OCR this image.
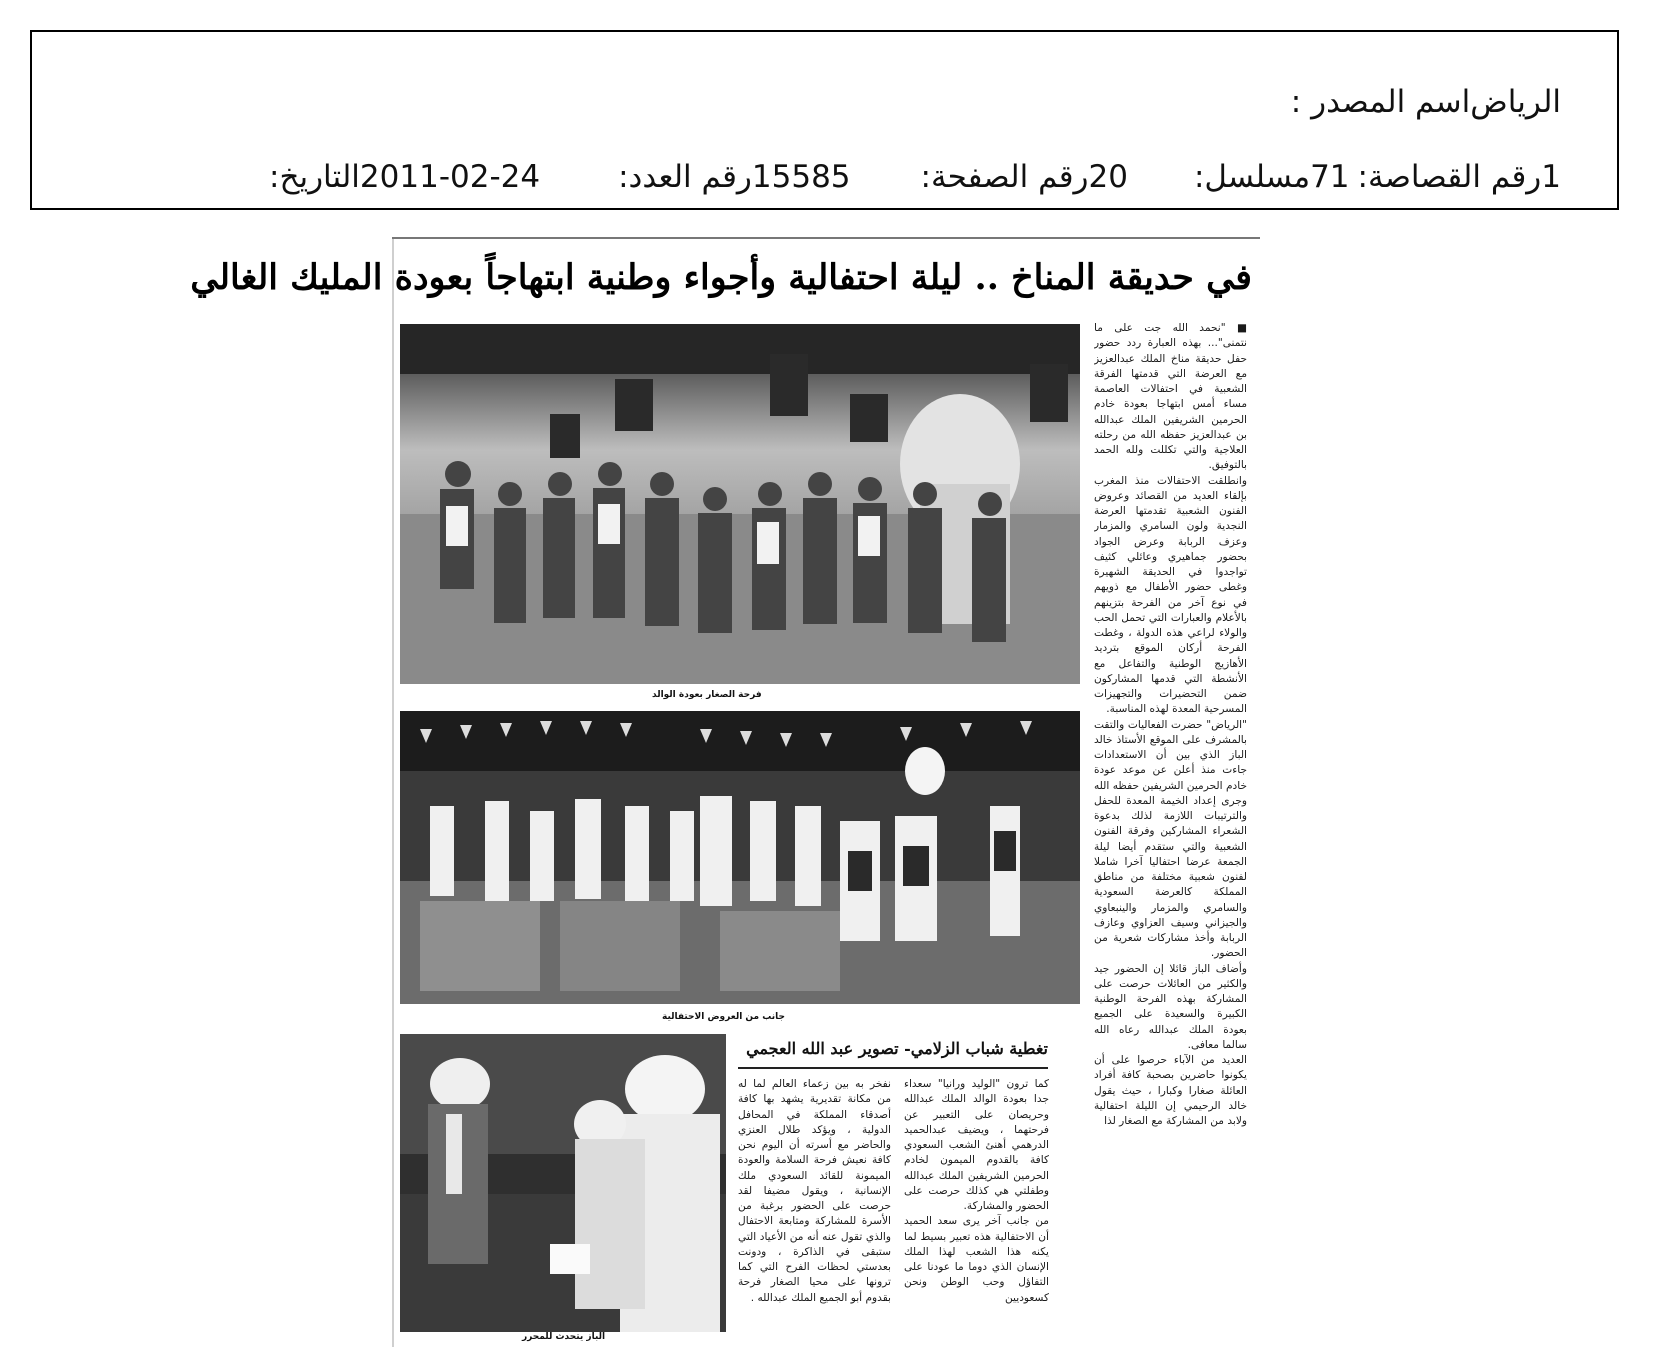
اسم المصدر : الرياض
التاريخ: 2011-02-24	رقم العدد: 15585 رقم الصفحة: 20 مسلسل: 71 رقم القصاصة: 1
في حديقة المناخ .. ليلة احتفالية وأجواء وطنية ابتهاجاً بعودة المليك الغالي
فرحة الصغار بعودة الوالد
جانب من العروض الاحتفالية
الباز يتحدث للمحرر

■ "نحمد الله جت على ما نتمنى"... بهذه العبارة ردد حضور حفل حديقة مناخ الملك عبدالعزيز مع العرضة التي قدمتها الفرقة الشعبية في احتفالات العاصمة مساء أمس ابتهاجا بعودة خادم الحرمين الشريفين الملك عبدالله بن عبدالعزيز حفظه الله من رحلته العلاجية والتي تكللت ولله الحمد بالتوفيق.

وانطلقت الاحتفالات منذ المغرب بإلقاء العديد من القصائد وعروض الفنون الشعبية تقدمتها العرضة النجدية ولون السامري والمزمار وعزف الربابة وعرض الجواد بحضور جماهيري وعائلي كثيف تواجدوا في الحديقة الشهيرة وغطى حضور الأطفال مع ذويهم في نوع آخر من الفرحة بتزينهم بالأعلام والعبارات التي تحمل الحب والولاء لراعي هذه الدولة ، وغطت الفرحة أركان الموقع بترديد الأهازيج الوطنية والتفاعل مع الأنشطة التي قدمها المشاركون ضمن التحضيرات والتجهيزات المسرحية المعدة لهذه المناسبة.

"الرياض" حضرت الفعاليات والتقت بالمشرف على الموقع الأستاذ خالد الباز الذي بين أن الاستعدادات جاءت منذ أعلن عن موعد عودة خادم الحرمين الشريفين حفظه الله وجرى إعداد الخيمة المعدة للحفل والترتيبات اللازمة لذلك بدعوة الشعراء المشاركين وفرقة الفنون الشعبية والتي ستقدم أيضا ليلة الجمعة عرضا احتفاليا آخرا شاملا لفنون شعبية مختلفة من مناطق المملكة كالعرضة السعودية والسامري والمزمار والينبعاوي والجيزاني وسيف العزاوي وعازف الربابة وأخذ مشاركات شعرية من الحضور.

وأضاف الباز قائلا إن الحضور جيد والكثير من العائلات حرصت على المشاركة بهذه الفرحة الوطنية الكبيرة والسعيدة على الجميع بعودة الملك عبدالله رعاه الله سالما معافى.

العديد من الآباء حرصوا على أن يكونوا حاضرين بصحبة كافة أفراد العائلة صغارا وكبارا ، حيث يقول خالد الرحيمي إن الليلة احتفالية ولابد من المشاركة مع الصغار لذا

تغطية شباب الزلامي- تصوير عبد الله العجمي

كما ترون "الوليد ورانيا" سعداء جدا بعودة الوالد الملك عبدالله وحريصان على التعبير عن فرحتهما ، ويضيف عبدالحميد الدرهمي أهنئ الشعب السعودي كافة بالقدوم الميمون لخادم الحرمين الشريفين الملك عبدالله وطفلتي هي كذلك حرصت على الحضور والمشاركة.

من جانب آخر يرى سعد الحميد أن الاحتفالية هذه تعبير بسيط لما يكنه هذا الشعب لهذا الملك الإنسان الذي دوما ما عودنا على التفاؤل وحب الوطن ونحن كسعوديين

نفخر به بين زعماء العالم لما له من مكانة تقديرية يشهد بها كافة أصدقاء المملكة في المحافل الدولية ، ويؤكد طلال العنزي والحاضر مع أسرته أن اليوم نحن كافة نعيش فرحة السلامة والعودة الميمونة للقائد السعودي ملك الإنسانية ، ويقول مضيفا لقد حرصت على الحضور برغبة من الأسرة للمشاركة ومتابعة الاحتفال والذي تقول عنه أنه من الأعياد التي ستبقى في الذاكرة ، ودونت بعدستي لحظات الفرح التي كما ترونها على محيا الصغار فرحة بقدوم أبو الجميع الملك عبدالله .
